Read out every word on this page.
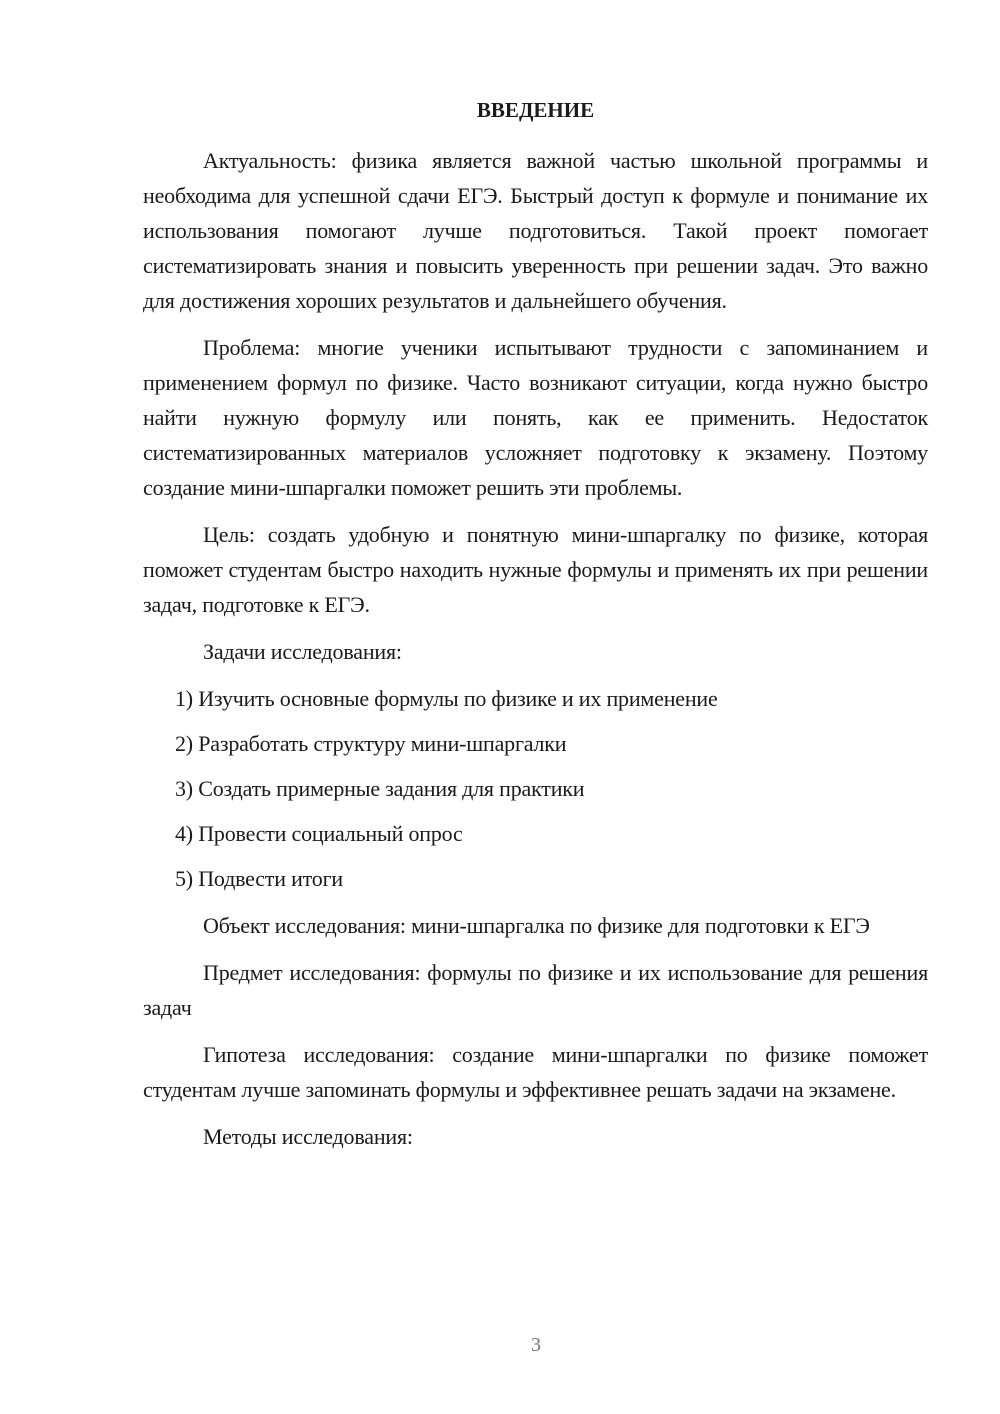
ВВЕДЕНИЕ

Актуальность: физика является важной частью школьной программы и необходима для успешной сдачи ЕГЭ. Быстрый доступ к формуле и понимание их использования помогают лучше подготовиться. Такой проект помогает систематизировать знания и повысить уверенность при решении задач. Это важно для достижения хороших результатов и дальнейшего обучения.

Проблема: многие ученики испытывают трудности с запоминанием и применением формул по физике. Часто возникают ситуации, когда нужно быстро найти нужную формулу или понять, как ее применить. Недостаток систематизированных материалов усложняет подготовку к экзамену. Поэтому создание мини-шпаргалки поможет решить эти проблемы.

Цель: создать удобную и понятную мини-шпаргалку по физике, которая поможет студентам быстро находить нужные формулы и применять их при решении задач, подготовке к ЕГЭ.

Задачи исследования:

1) Изучить основные формулы по физике и их применение
2) Разработать структуру мини-шпаргалки
3) Создать примерные задания для практики
4) Провести социальный опрос
5) Подвести итоги

Объект исследования: мини-шпаргалка по физике для подготовки к ЕГЭ

Предмет исследования: формулы по физике и их использование для решения задач

Гипотеза исследования: создание мини-шпаргалки по физике поможет студентам лучше запоминать формулы и эффективнее решать задачи на экзамене.

Методы исследования:

3
